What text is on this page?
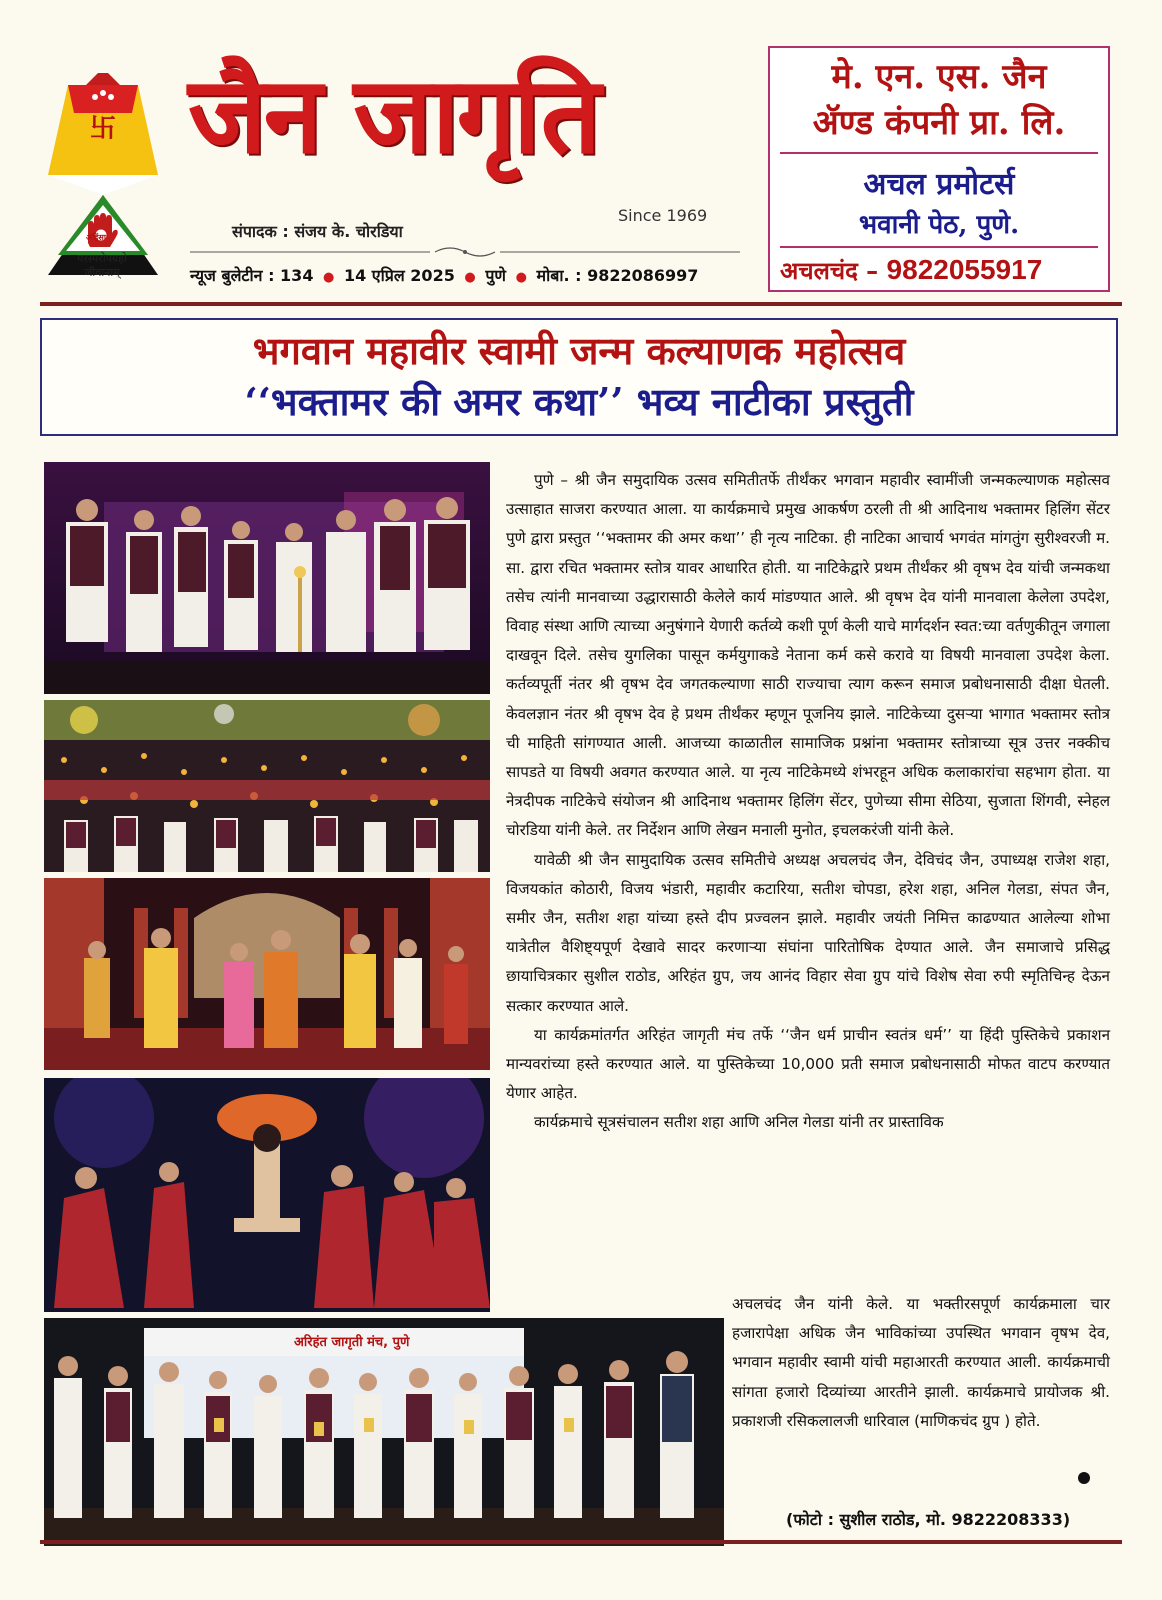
卐
अहिंसा
परस्परोपग्रहो
जीवानाम्
जैन जागृति
Since 1969
संपादक : संजय के. चोरडिया
न्यूज बुलेटीन : 134 ● 14 एप्रिल 2025 ● पुणे ● मोबा. : 9822086997
मे. एन. एस. जैन
ॲण्ड कंपनी प्रा. लि.
अचल प्रमोटर्स
भवानी पेठ, पुणे.
अचलचंद – 9822055917
भगवान महावीर स्वामी जन्म कल्याणक महोत्सव
‘‘भक्तामर की अमर कथा’’ भव्य नाटीका प्रस्तुती
अरिहंत जागृती मंच, पुणे

पुणे – श्री जैन समुदायिक उत्सव समितीतर्फे तीर्थंकर भगवान महावीर स्वामींजी जन्मकल्याणक महोत्सव उत्साहात साजरा करण्यात आला. या कार्यक्रमाचे प्रमुख आकर्षण ठरली ती श्री आदिनाथ भक्तामर हिलिंग सेंटर पुणे द्वारा प्रस्तुत ‘‘भक्तामर की अमर कथा’’ ही नृत्य नाटिका. ही नाटिका आचार्य भगवंत मांगतुंग सुरीश्वरजी म. सा. द्वारा रचित भक्तामर स्तोत्र यावर आधारित होती. या नाटिकेद्वारे प्रथम तीर्थंकर श्री वृषभ देव यांची जन्मकथा तसेच त्यांनी मानवाच्या उद्धारासाठी केलेले कार्य मांडण्यात आले. श्री वृषभ देव यांनी मानवाला केलेला उपदेश, विवाह संस्था आणि त्याच्या अनुषंगाने येणारी कर्तव्ये कशी पूर्ण केली याचे मार्गदर्शन स्वत:च्या वर्तणुकीतून जगाला दाखवून दिले. तसेच युगलिका पासून कर्मयुगाकडे नेताना कर्म कसे करावे या विषयी मानवाला उपदेश केला. कर्तव्यपूर्ती नंतर श्री वृषभ देव जगतकल्याणा साठी राज्याचा त्याग करून समाज प्रबोधनासाठी दीक्षा घेतली. केवलज्ञान नंतर श्री वृषभ देव हे प्रथम तीर्थंकर म्हणून पूजनिय झाले. नाटिकेच्या दुसऱ्या भागात भक्तामर स्तोत्र ची माहिती सांगण्यात आली. आजच्या काळातील सामाजिक प्रश्नांना भक्तामर स्तोत्राच्या सूत्र उत्तर नक्कीच सापडते या विषयी अवगत करण्यात आले. या नृत्य नाटिकेमध्ये शंभरहून अधिक कलाकारांचा सहभाग होता. या नेत्रदीपक नाटिकेचे संयोजन श्री आदिनाथ भक्तामर हिलिंग सेंटर, पुणेच्या सीमा सेठिया, सुजाता शिंगवी, स्नेहल चोरडिया यांनी केले. तर निर्देशन आणि लेखन मनाली मुनोत, इचलकरंजी यांनी केले.

यावेळी श्री जैन सामुदायिक उत्सव समितीचे अध्यक्ष अचलचंद जैन, देविचंद जैन, उपाध्यक्ष राजेश शहा, विजयकांत कोठारी, विजय भंडारी, महावीर कटारिया, सतीश चोपडा, हरेश शहा, अनिल गेलडा, संपत जैन, समीर जैन, सतीश शहा यांच्या हस्ते दीप प्रज्वलन झाले. महावीर जयंती निमित्त काढण्यात आलेल्या शोभा यात्रेतील वैशिष्ट्यपूर्ण देखावे सादर करणाऱ्या संघांना पारितोषिक देण्यात आले. जैन समाजाचे प्रसिद्ध छायाचित्रकार सुशील राठोड, अरिहंत ग्रुप, जय आनंद विहार सेवा ग्रुप यांचे विशेष सेवा रुपी स्मृतिचिन्ह देऊन सत्कार करण्यात आले.

या कार्यक्रमांतर्गत अरिहंत जागृती मंच तर्फे ‘‘जैन धर्म प्राचीन स्वतंत्र धर्म’’ या हिंदी पुस्तिकेचे प्रकाशन मान्यवरांच्या हस्ते करण्यात आले. या पुस्तिकेच्या 10,000 प्रती समाज प्रबोधनासाठी मोफत वाटप करण्यात येणार आहेत.

कार्यक्रमाचे सूत्रसंचालन सतीश शहा आणि अनिल गेलडा यांनी तर प्रास्ताविक

अचलचंद जैन यांनी केले. या भक्तीरसपूर्ण कार्यक्रमाला चार हजारापेक्षा अधिक जैन भाविकांच्या उपस्थित भगवान वृषभ देव, भगवान महावीर स्वामी यांची महाआरती करण्यात आली. कार्यक्रमाची सांगता हजारो दिव्यांच्या आरतीने झाली. कार्यक्रमाचे प्रायोजक श्री. प्रकाशजी रसिकलालजी धारिवाल (माणिकचंद ग्रुप ) होते.

(फोटो : सुशील राठोड, मो. 9822208333)
